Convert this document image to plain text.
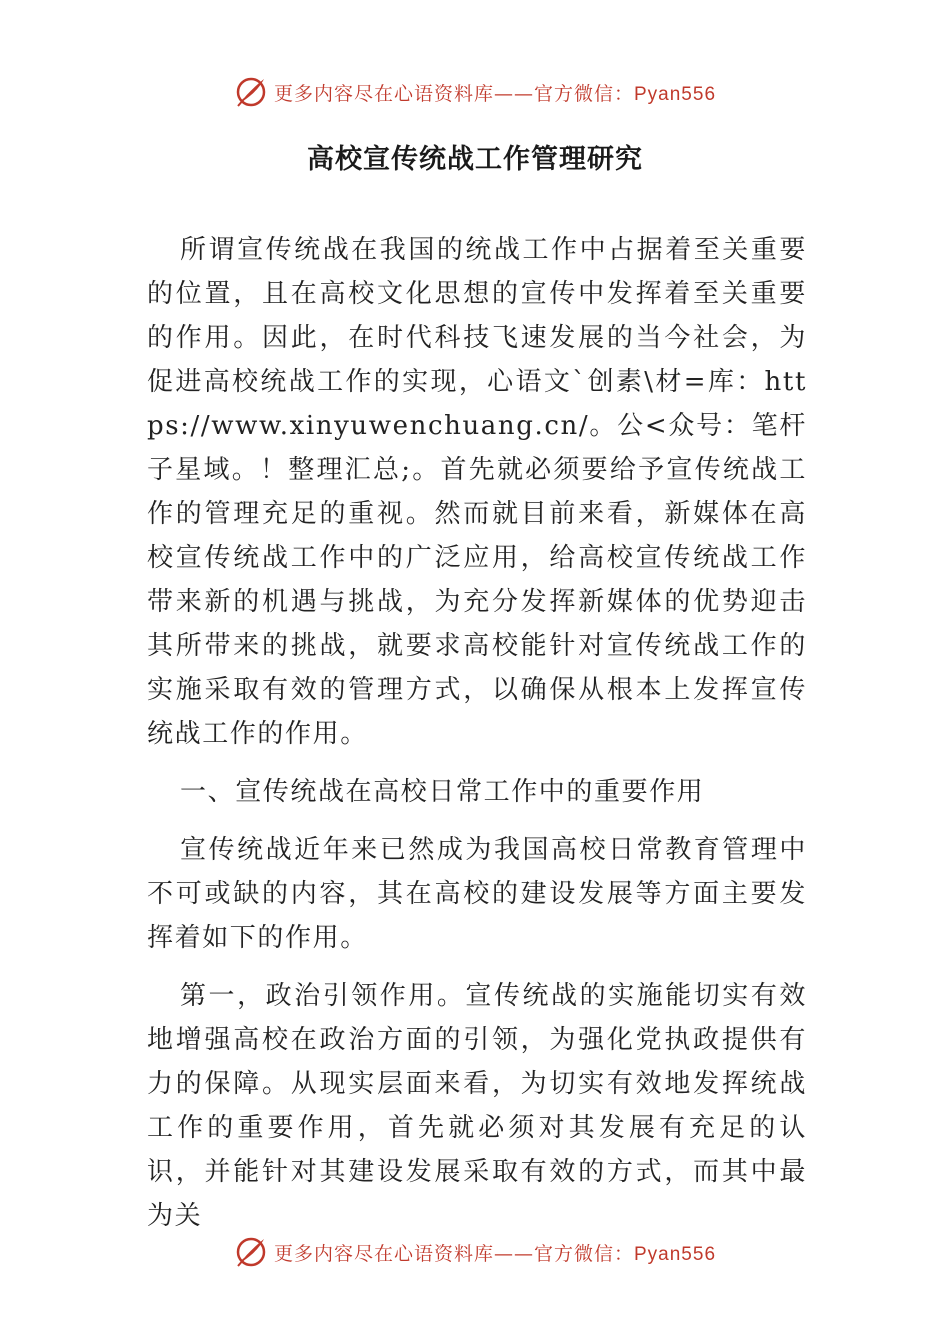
更多内容尽在心语资料库——官方微信：Pyan556
高校宣传统战工作管理研究

所谓宣传统战在我国的统战工作中占据着至关重要的位置，且在高校文化思想的宣传中发挥着至关重要的作用。因此，在时代科技飞速发展的当今社会，为促进高校统战工作的实现，心语文`创素\材=库：https://www.xinyuwenchuang.cn/。公<众号：笔杆子星域。！整理汇总;。首先就必须要给予宣传统战工作的管理充足的重视。然而就目前来看，新媒体在高校宣传统战工作中的广泛应用，给高校宣传统战工作带来新的机遇与挑战，为充分发挥新媒体的优势迎击其所带来的挑战，就要求高校能针对宣传统战工作的实施采取有效的管理方式，以确保从根本上发挥宣传统战工作的作用。

一、宣传统战在高校日常工作中的重要作用

宣传统战近年来已然成为我国高校日常教育管理中不可或缺的内容，其在高校的建设发展等方面主要发挥着如下的作用。

第一，政治引领作用。宣传统战的实施能切实有效地增强高校在政治方面的引领，为强化党执政提供有力的保障。从现实层面来看，为切实有效地发挥统战工作的重要作用，首先就必须对其发展有充足的认识，并能针对其建设发展采取有效的方式，而其中最为关

更多内容尽在心语资料库——官方微信：Pyan556
